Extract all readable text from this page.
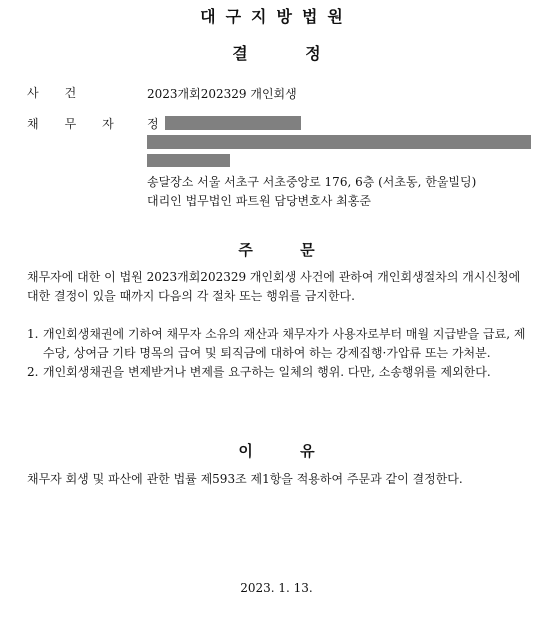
대구지방법원
결 정
사건	2023개회202329 개인회생
채무자 정
송달장소 서울 서초구 서초중앙로 176, 6층 (서초동, 한울빌딩)
대리인 법무법인 파트원 담당변호사 최홍준
주 문
채무자에 대한 이 법원 2023개회202329 개인회생 사건에 관하여 개인회생절차의 개시신청에 대한 결정이 있을 때까지 다음의 각 절차 또는 행위를 금지한다.
1. 개인회생채권에 기하여 채무자 소유의 재산과 채무자가 사용자로부터 매월 지급받을 급료, 제수당, 상여금 기타 명목의 급여 및 퇴직금에 대하여 하는 강제집행·가압류 또는 가처분.
2. 개인회생채권을 변제받거나 변제를 요구하는 일체의 행위. 다만, 소송행위를 제외한다.
이 유
채무자 회생 및 파산에 관한 법률 제593조 제1항을 적용하여 주문과 같이 결정한다.
2023. 1. 13.
